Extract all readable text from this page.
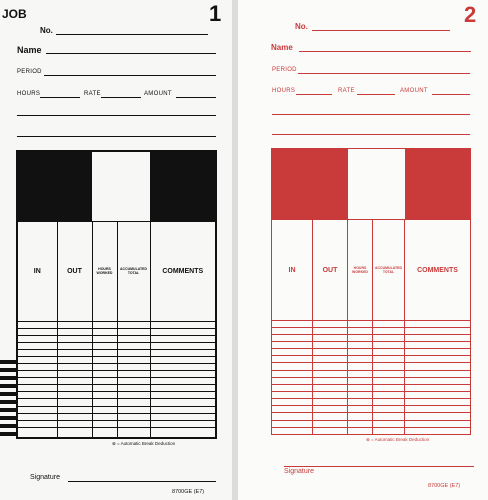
JOB	1
No.
Name
PERIOD
HOURS	RATE	AMOUNT

IN	OUT	HOURS WORKED	ACCUMULATED TOTAL	COMMENTS

⊗ = Automatic Break Deduction
Signature
8700GE (E7)
2
No.
Name
PERIOD
HOURS	RATE	AMOUNT

IN	OUT	HOURS WORKED	ACCUMULATED TOTAL	COMMENTS

⊗ = Automatic Break Deduction
Signature
8700GE (E7)
